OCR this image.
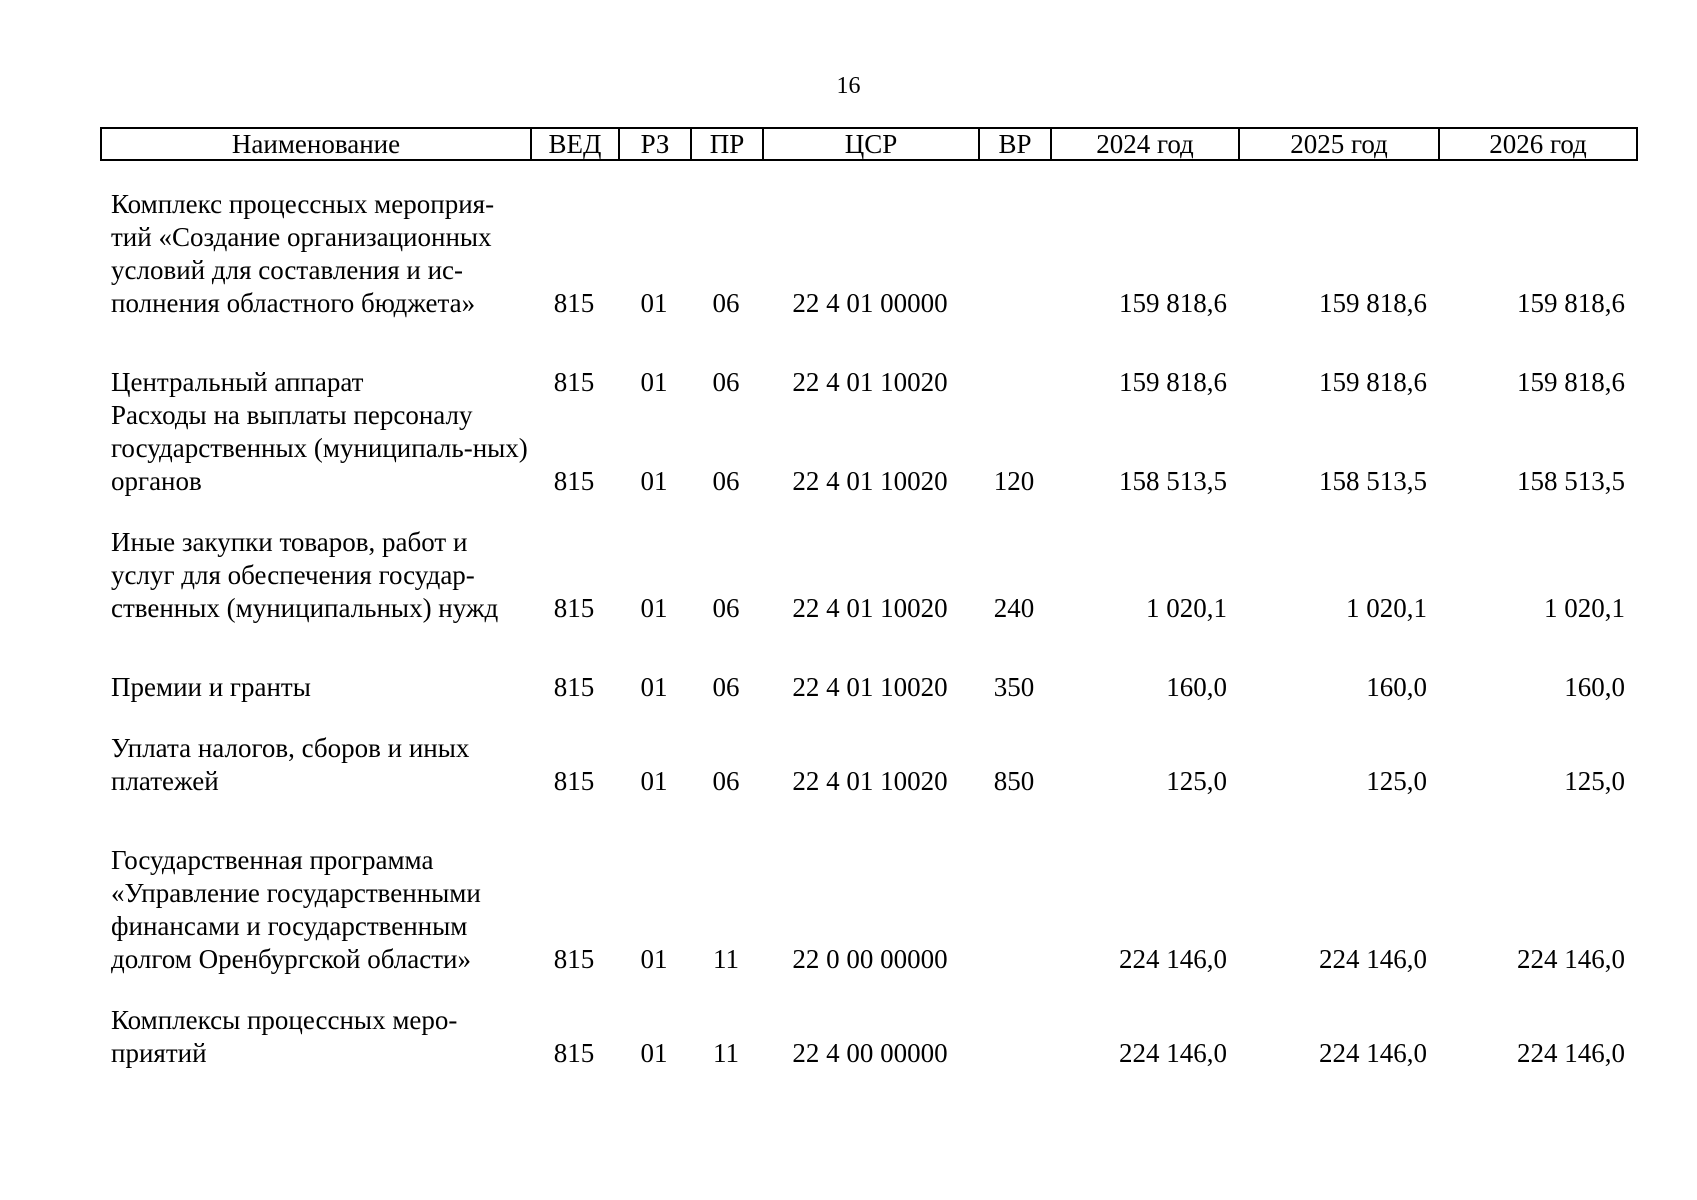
16
Наименование	ВЕД	РЗ	ПР	ЦСР	ВР	2024 год	2025 год	2026 год
Комплекс процессных мероприя-тий «Создание организационных условий для составления и ис-полнения областного бюджета»	815	01	06	22 4 01 00000		159 818,6	159 818,6	159 818,6
Центральный аппарат	815	01	06	22 4 01 10020		159 818,6	159 818,6	159 818,6
Расходы на выплаты персоналу государственных (муниципаль-ных) органов	815	01	06	22 4 01 10020	120	158 513,5	158 513,5	158 513,5
Иные закупки товаров, работ и услуг для обеспечения государ-ственных (муниципальных) нужд	815	01	06	22 4 01 10020	240	1 020,1	1 020,1	1 020,1
Премии и гранты	815	01	06	22 4 01 10020	350	160,0	160,0	160,0
Уплата налогов, сборов и иных платежей	815	01	06	22 4 01 10020	850	125,0	125,0	125,0
Государственная программа «Управление государственными финансами и государственным долгом Оренбургской области»	815	01	11	22 0 00 00000		224 146,0	224 146,0	224 146,0
Комплексы процессных меро-приятий	815	01	11	22 4 00 00000		224 146,0	224 146,0	224 146,0
